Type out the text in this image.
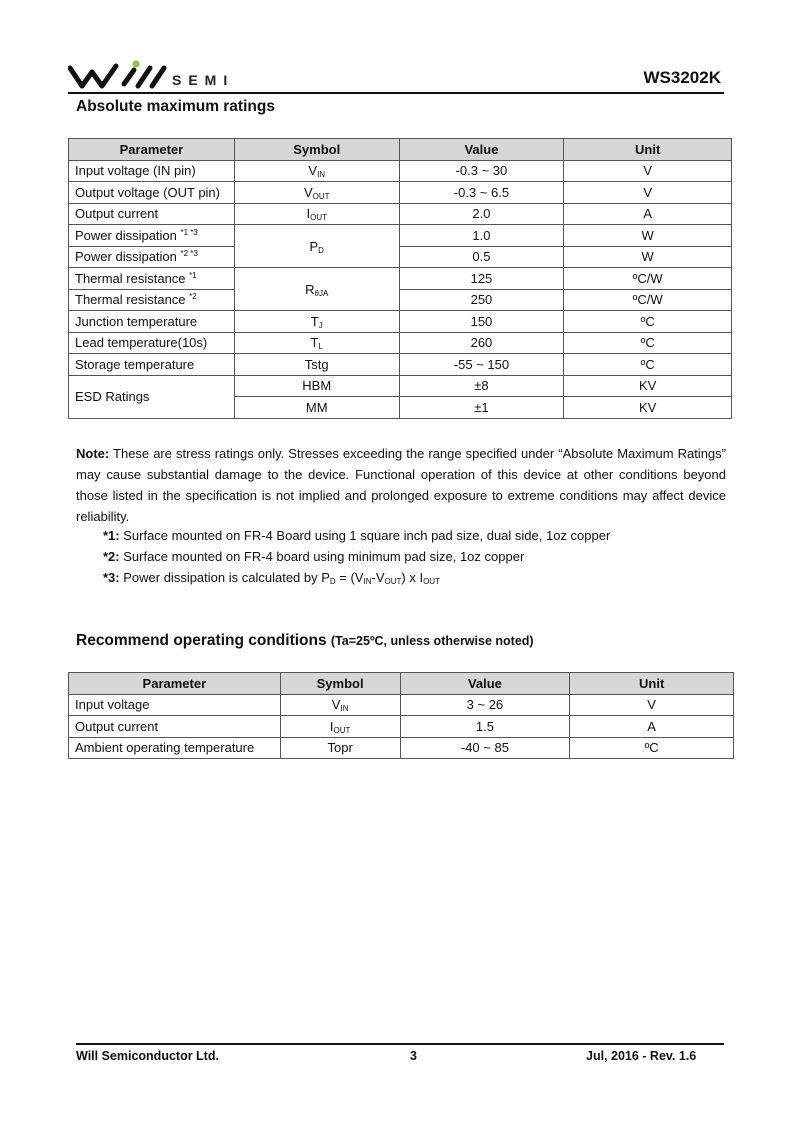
SEMI	WS3202K
Absolute maximum ratings
Parameter	Symbol	Value	Unit
Input voltage (IN pin)	$V_{IN}$	-0.3 ~ 30	V
Output voltage (OUT pin)	$V_{OUT}$	-0.3 ~ 6.5	V
Output current	$I_{OUT}$	2.0	A
Power dissipation $^{*1 *3}$	$P_D$	1.0	W
Power dissipation $^{*2 *3}$		0.5	W
Thermal resistance $^{*1}$	$R_{\theta JA}$	125	ºC/W
Thermal resistance $^{*2}$		250	ºC/W
Junction temperature	$T_J$	150	ºC
Lead temperature(10s)	$T_L$	260	ºC
Storage temperature	Tstg	-55 ~ 150	ºC
ESD Ratings	HBM	±8	KV
	MM	±1	KV
Note: These are stress ratings only. Stresses exceeding the range specified under “Absolute Maximum Ratings” may cause substantial damage to the device. Functional operation of this device at other conditions beyond those listed in the specification is not implied and prolonged exposure to extreme conditions may affect device reliability.
*1: Surface mounted on FR-4 Board using 1 square inch pad size, dual side, 1oz copper
*2: Surface mounted on FR-4 board using minimum pad size, 1oz copper
*3: Power dissipation is calculated by $P_D = (V_{IN}-V_{OUT})$ x $I_{OUT}$
Recommend operating conditions (Ta=25ºC, unless otherwise noted)
Parameter	Symbol	Value	Unit
Input voltage	$V_{IN}$	3 ~ 26	V
Output current	$I_{OUT}$	1.5	A
Ambient operating temperature	Topr	-40 ~ 85	ºC
Will Semiconductor Ltd.	3	Jul, 2016 - Rev. 1.6
